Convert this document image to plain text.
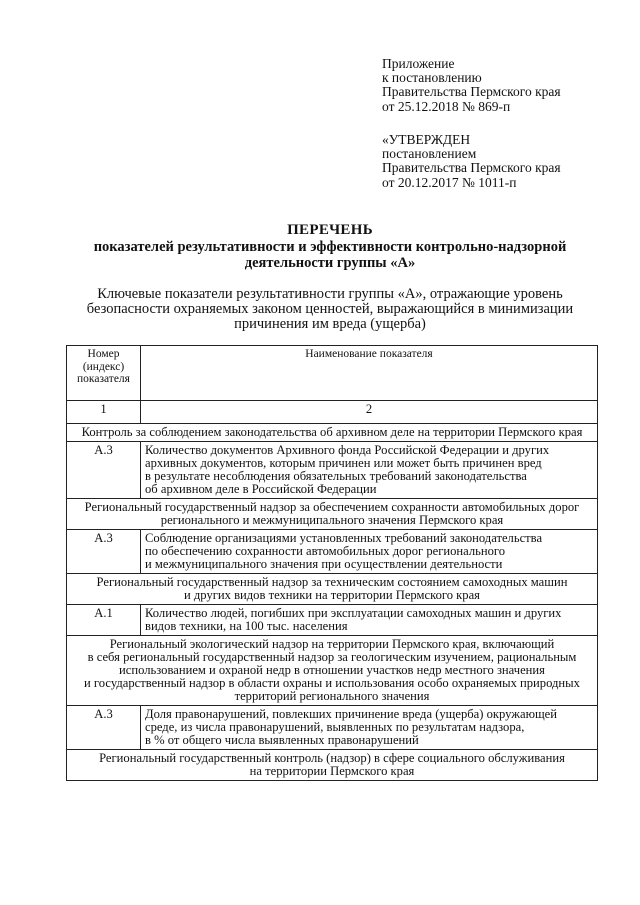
Приложение
к постановлению
Правительства Пермского края
от 25.12.2018 № 869-п
«УТВЕРЖДЕН
постановлением
Правительства Пермского края
от 20.12.2017 № 1011-п
ПЕРЕЧЕНЬ
показателей результативности и эффективности контрольно-надзорной
деятельности группы «А»
Ключевые показатели результативности группы «А», отражающие уровень
безопасности охраняемых законом ценностей, выражающийся в минимизации
причинения им вреда (ущерба)
Номер
(индекс)
показателя	Наименование показателя
1	2

Контроль за соблюдением законодательства об архивном деле на территории Пермского края	

А.3	Количество документов Архивного фонда Российской Федерации и других
архивных документов, которым причинен или может быть причинен вред
в результате несоблюдения обязательных требований законодательства
об архивном деле в Российской Федерации

Региональный государственный надзор за обеспечением сохранности автомобильных дорог
регионального и межмуниципального значения Пермского края	

А.3	Соблюдение организациями установленных требований законодательства
по обеспечению сохранности автомобильных дорог регионального
и межмуниципального значения при осуществлении деятельности

Региональный государственный надзор за техническим состоянием самоходных машин
и других видов техники на территории Пермского края	

А.1	Количество людей, погибших при эксплуатации самоходных машин и других
видов техники, на 100 тыс. населения

Региональный экологический надзор на территории Пермского края, включающий
в себя региональный государственный надзор за геологическим изучением, рациональным
использованием и охраной недр в отношении участков недр местного значения
и государственный надзор в области охраны и использования особо охраняемых природных
территорий регионального значения	

А.3	Доля правонарушений, повлекших причинение вреда (ущерба) окружающей
среде, из числа правонарушений, выявленных по результатам надзора,
в % от общего числа выявленных правонарушений

Региональный государственный контроль (надзор) в сфере социального обслуживания
на территории Пермского края	
